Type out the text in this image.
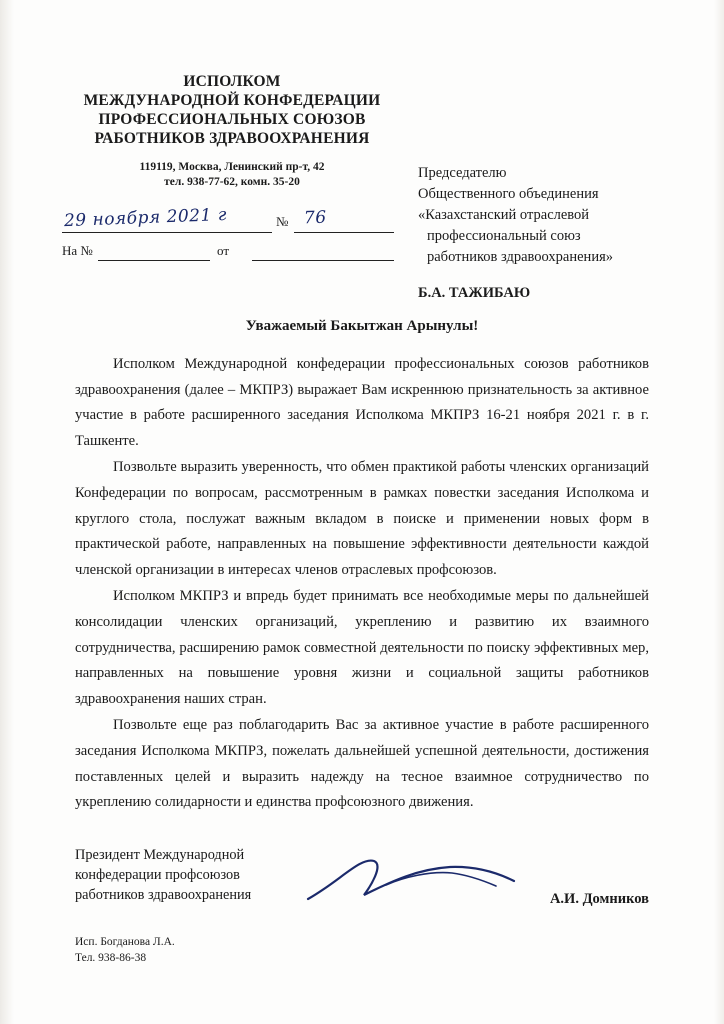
ИСПОЛКОМ
МЕЖДУНАРОДНОЙ КОНФЕДЕРАЦИИ
ПРОФЕССИОНАЛЬНЫХ СОЮЗОВ
РАБОТНИКОВ ЗДРАВООХРАНЕНИЯ
119119, Москва, Ленинский пр-т, 42
тел. 938-77-62, комн. 35-20
29 ноября 2021 г	№ 76
На №	от
Председателю
Общественного объединения
«Казахстанский отраслевой
профессиональный союз
работников здравоохранения»
Б.А. ТАЖИБАЮ
Уважаемый Бакытжан Арынулы!

Исполком Международной конфедерации профессиональных союзов работников здравоохранения (далее – МКПРЗ) выражает Вам искреннюю признательность за активное участие в работе расширенного заседания Исполкома МКПРЗ 16-21 ноября 2021 г. в г. Ташкенте.

Позвольте выразить уверенность, что обмен практикой работы членских организаций Конфедерации по вопросам, рассмотренным в рамках повестки заседания Исполкома и круглого стола, послужат важным вкладом в поиске и применении новых форм в практической работе, направленных на повышение эффективности деятельности каждой членской организации в интересах членов отраслевых профсоюзов.

Исполком МКПРЗ и впредь будет принимать все необходимые меры по дальнейшей консолидации членских организаций, укреплению и развитию их взаимного сотрудничества, расширению рамок совместной деятельности по поиску эффективных мер, направленных на повышение уровня жизни и социальной защиты работников здравоохранения наших стран.

Позвольте еще раз поблагодарить Вас за активное участие в работе расширенного заседания Исполкома МКПРЗ, пожелать дальнейшей успешной деятельности, достижения поставленных целей и выразить надежду на тесное взаимное сотрудничество по укреплению солидарности и единства профсоюзного движения.

Президент Международной
конфедерации профсоюзов
работников здравоохранения	А.И. Домников
Исп. Богданова Л.А.
Тел. 938-86-38
